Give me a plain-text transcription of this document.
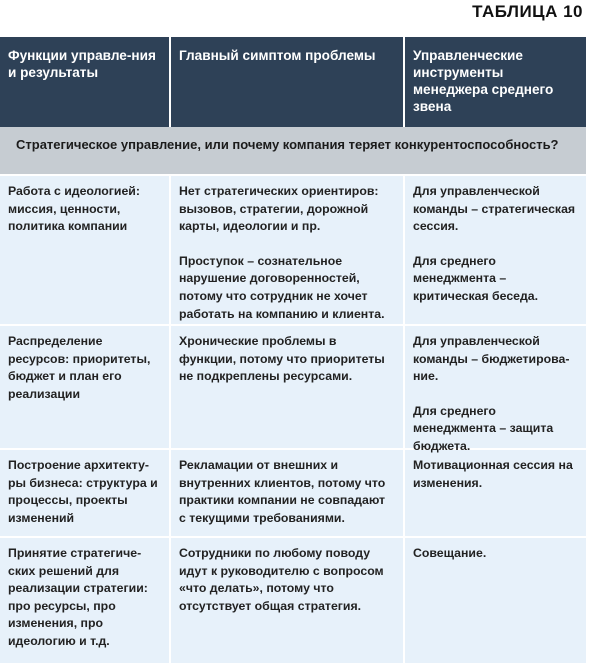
ТАБЛИЦА 10
Функции управле-ния и результаты
Главный симптом проблемы	Управленческие инструменты менеджера среднего звена
Стратегическое управление, или почему компания теряет конкурентоспособность?

Работа с идеологией: миссия, ценности, политика компании

Нет стратегических ориентиров: вызовов, стратегии, дорожной карты, идеологии и пр.

Проступок – сознательное нарушение договоренностей, потому что сотрудник не хочет работать на компанию и клиента.

Для управленческой команды – стратегическая сессия.

Для среднего менеджмента – критическая беседа.

Распределение ресурсов: приоритеты, бюджет и план его реализации

Хронические проблемы в функции, потому что приоритеты не подкреплены ресурсами.

Для управленческой команды – бюджетирова-ние.

Для среднего менеджмента – защита бюджета.

Построение архитекту-ры бизнеса: структура и процессы, проекты изменений

Рекламации от внешних и внутренних клиентов, потому что практики компании не совпадают с текущими требованиями.

Мотивационная сессия на изменения.

Принятие стратегиче-ских решений для реализации стратегии: про ресурсы, про изменения, про идеологию и т.д.

Сотрудники по любому поводу идут к руководителю с вопросом «что делать», потому что отсутствует общая стратегия.

Совещание.
